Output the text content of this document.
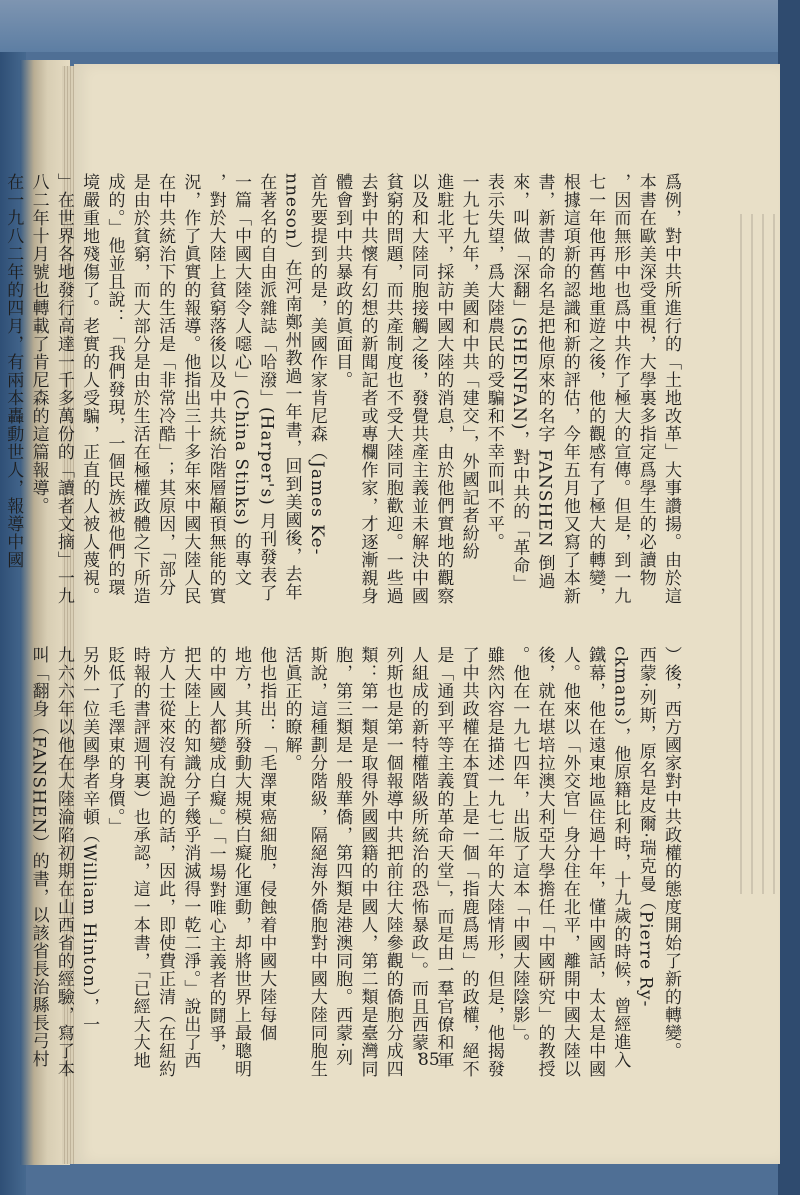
爲例，對中共所進行的「土地改革」大事讚揚。由於這

本書在歐美深受重視，大學裏多指定爲學生的必讀物

，因而無形中也爲中共作了極大的宣傳。但是，到一九

七一年他再舊地重遊之後，他的觀感有了極大的轉變，

根據這項新的認識和新的評估，今年五月他又寫了本新

書，新書的命名是把他原來的名字 FANSHEN 倒過

來，叫做「深翻」(SHENFAN)，對中共的「革命」

表示失望，爲大陸農民的受騙和不幸而叫不平。

一九七九年，美國和中共「建交」，外國記者紛紛

進駐北平，採訪中國大陸的消息，由於他們實地的觀察

以及和大陸同胞接觸之後，發覺共產主義並未解決中國

貧窮的問題，而共產制度也不受大陸同胞歡迎。一些過

去對中共懷有幻想的新聞記者或專欄作家，才逐漸親身

體會到中共暴政的眞面目。

首先要提到的是，美國作家肯尼森（James Ke-

nneson）在河南鄭州教過一年書，回到美國後，去年

在著名的自由派雜誌「哈潑」(Harper's) 月刊發表了

一篇「中國大陸令人噁心」(China Stinks) 的專文

，對於大陸上貧窮落後以及中共統治階層顢頇無能的實

況，作了眞實的報導。他指出三十多年來中國大陸人民

在中共統治下的生活是「非常冷酷」；其原因，「部分

是由於貧窮，而大部分是由於生活在極權政體之下所造

成的。」他並且說：「我們發現，一個民族被他們的環

境嚴重地殘傷了。老實的人受騙，正直的人被人蔑視。

」在世界各地發行高達一千多萬份的「讀者文摘」一九

八二年十月號也轉載了肯尼森的這篇報導。

在一九八二年的四月，有兩本轟動世人，報導中國

）後，西方國家對中共政權的態度開始了新的轉變。

西蒙·列斯，原名是皮爾·瑞克曼（Pierre Ry-

ckmans），他原籍比利時，十九歲的時候，曾經進入

鐵幕，他在遠東地區住過十年，懂中國話，太太是中國

人。他來以「外交官」身分住在北平，離開中國大陸以

後，就在堪培拉澳大利亞大學擔任「中國研究」的教授

。他在一九七四年，出版了這本「中國大陸陰影」。

雖然內容是描述一九七二年的大陸情形，但是，他揭發

了中共政權在本質上是一個「指鹿爲馬」的政權，絕不

是「通到平等主義的革命天堂」，而是由一羣官僚和軍

人組成的新特權階級所統治的恐怖暴政」。而且西蒙·

列斯也是第一個報導中共把前往大陸參觀的僑胞分成四

類：第一類是取得外國國籍的中國人，第二類是臺灣同

胞，第三類是一般華僑，第四類是港澳同胞。西蒙·列

斯說，這種劃分階級，隔絕海外僑胞對中國大陸同胞生

活眞正的瞭解。

他也指出：「毛澤東癌細胞，侵蝕着中國大陸每個

地方，其所發動大規模白癡化運動，却將世界上最聰明

的中國人都變成白癡。」「一場對唯心主義者的鬪爭，

把大陸上的知識分子幾乎消滅得一乾二淨。」說出了西

方人士從來沒有說過的話，因此，即使費正清（在紐約

時報的書評週刊裏）也承認，這一本書，「已經大大地

貶低了毛澤東的身價。」

另外一位美國學者辛頓（William Hinton），一

九六六年以他在大陸淪陷初期在山西省的經驗，寫了本

叫「翻身（FANSHEN）的書，以該省長治縣長弓村	85
